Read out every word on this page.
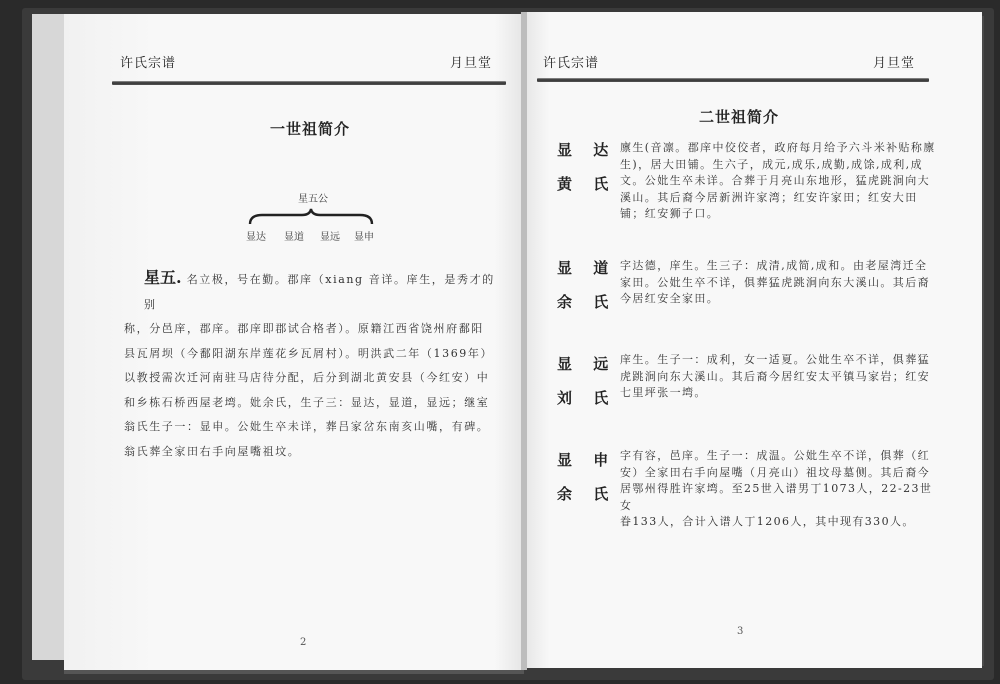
许氏宗谱	月旦堂
一世祖简介
星五公
显达 显道 显远 显申
星五. 名立极，号在勤。郡庠（xiang 音详。庠生，是秀才的别
称，分邑庠，郡庠。郡庠即郡试合格者）。原籍江西省饶州府鄱阳
县瓦屑坝（今鄱阳湖东岸莲花乡瓦屑村）。明洪武二年（1369年）
以教授需次迁河南驻马店待分配，后分到湖北黄安县（今红安）中
和乡栋石桥西屋老塆。妣余氏，生子三：显达，显道，显远；继室
翁氏生子一：显申。公妣生卒未详，葬吕家岔东南亥山嘴，有碑。
翁氏葬全家田右手向屋嘴祖坟。
2
许氏宗谱	月旦堂
二世祖简介
显 达
黄 氏
廪生(音凛。郡庠中佼佼者，政府每月给予六斗米补贴称廪
生)，居大田铺。生六子，成元,成乐,成勤,成馀,成利,成
文。公妣生卒未详。合葬于月亮山东地形，猛虎跳涧向大
溪山。其后裔今居新洲许家湾；红安许家田；红安大田
铺；红安狮子口。
显 道
余 氏
字达德，庠生。生三子：成清,成简,成和。由老屋湾迁全
家田。公妣生卒不详，俱葬猛虎跳涧向东大溪山。其后裔
今居红安全家田。
显 远
刘 氏
庠生。生子一：成利，女一适夏。公妣生卒不详，俱葬猛
虎跳涧向东大溪山。其后裔今居红安太平镇马家岩；红安
七里坪张一塆。
显 申
余 氏
字有容，邑庠。生子一：成温。公妣生卒不详，俱葬（红
安）全家田右手向屋嘴（月亮山）祖坟母墓侧。其后裔今
居鄂州得胜许家塆。至25世入谱男丁1073人，22-23世女
眷133人，合计入谱人丁1206人，其中现有330人。
3
